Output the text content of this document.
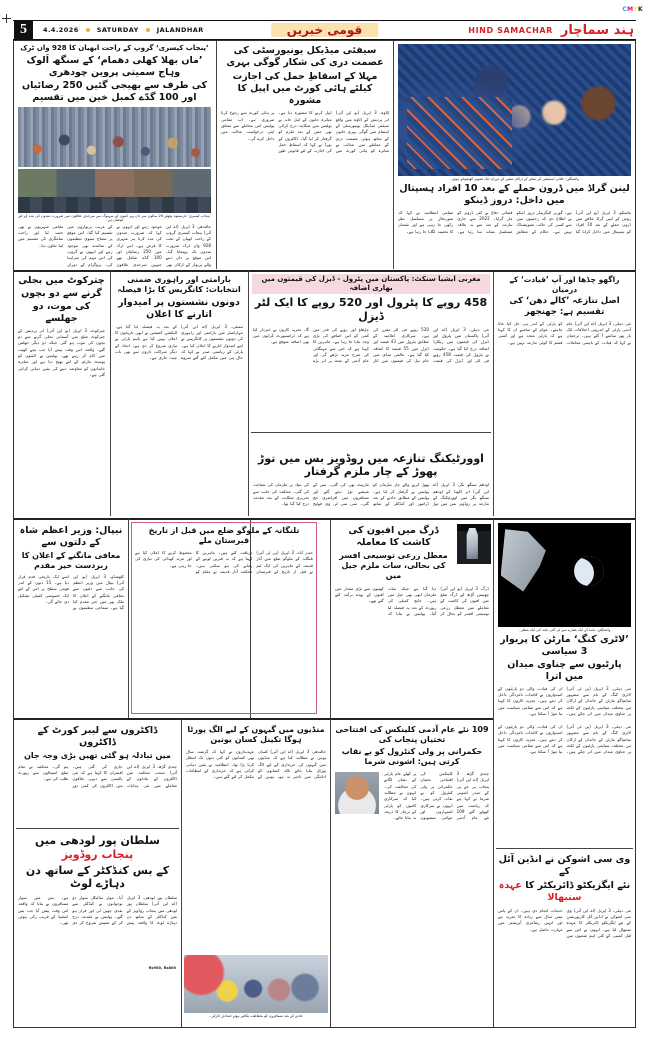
CMYK
5	4.4.2026	SATURDAY	JALANDHAR	قومی خبریں	HIND SAMACHAR ہند سماچار
’پنجاب کیسری‘ گروپ کے راحت ابھیان کا 928 واں ٹرک
’ماں بھلا کھلی دھمام‘ کے سنگھ اَلوک وہاج سمیتی پروین چودھری
کی طرف سے بھیجی گئیں 250 رضائیاں اور 100 گدّے کمبل خین میں تقسیم
’پنجاب کیسری‘ نازسموہ پچھلے 26 سالوں سے دان ویر کنبوں کے سہیوگ سے سرحدی علاقوں میں ضرورت مندوں کی مدد کے لئے کوشاں ہے۔
جالندھر، 3 اپریل (اے این آئی) پنجاب کیسری گروپ کے راحت ابھیان کے تحت 928 واں ٹرک ضرورت مندوں تک پہنچایا گیا۔ اس موقع پر دان دینے والے پریوار کے ارکان بھی موجود رہے اور انہوں نے کہا کہ ضرورت مندوں کی مدد کرنا ہر شہری کا فرض ہے۔ اس ٹرک میں 250 رضائیاں اور 100 گدّے شامل تھے جنہیں سرحدی علاقوں کے غریب پریواروں میں تقسیم کیا گیا۔ اس موقع پر سماج سیوی تنظیموں کے نمائندے بھی موجود رہے اور انہوں نے گروپ کی اس مہم کی سراہنا کی۔ پروگرام کے دوران مقامی شہریوں نے بھی حصہ لیا اور راحت سامگری کی تقسیم میں اپنا تعاون دیا۔
سیفئی میڈیکل یونیورسٹی کی عصمت دری کی شکار گوگی بہری
مہلا کے اسقاطِ حمل کی اجازت کیلئے ہائی کورٹ میں اپیل کا مشورہ
اِٹاوہ، 3 اپریل (یو این آئی) اتر پردیش کے اِٹاوہ میں واقع سیفئی میڈیکل یونیورسٹی کے اہتمام میں گوگی بہری خاتون کے ساتھ ہوئی عصمت دری کے معاملے میں عدالت نے متاثرہ کو ہائی کورٹ میں اپیل کرنے کا مشورہ دیا ہے۔ متاثرہ خاتون کے اہل خانہ نے پولیس میں شکایت درج کرائی تھی جس کے بعد ملزم کو گرفتار کر لیا گیا۔ ڈاکٹروں کے بورڈ نے کہا کہ اسقاطِ حمل کی اجازت کے لئے قانونی طور پر ہائی کورٹ سے رجوع کرنا ضروری ہے۔ اب مقامی پولیس اس معاملے سے متعلق اپنی درخواست عدالت میں داخل کرے گی۔
واشنگٹن: خلائی اسٹیشن کے عملے کے ارکان مشن کے دوران ایک تصویر کھنچواتے ہوئے۔
لینن گراڈ میں ڈرون حملے کے بعد 10 افراد ہسپتال میں داخل: دروز ڈینکو
ماسکو، 3 اپریل (یو این آئی) روس کے لینن گراڈ علاقے میں ڈرون حملے کے بعد 10 افراد کو ہسپتال میں داخل کرایا گیا ہے۔ گورنر الیگزینڈر دروز ڈینکو نے اطلاع دی کہ زخمیوں میں سے کسی کی حالت تشویشناک نہیں ہے۔ حکام کے مطابق فضائی دفاع نے کئی ڈرونز کو مار گرایا۔ 2022 سے جاری تنازعہ کے بعد سے یہ علاقہ مسلسل نشانہ بنتا رہا ہے۔ مقامی انتظامیہ نے کہا کہ صورتحال پر مسلسل نظر رکھی جا رہی ہے اور نقصان کا تخمینہ لگایا جا رہا ہے۔
چترکوٹ میں بجلی
گرنے سے دو بچوں
کی موت، دو جھلسے
چترکوٹ، 3 اپریل (یو این آئی) اتر پردیش کے چترکوٹ ضلع میں آسمانی بجلی گرنے سے دو بچوں کی موت ہو گئی جبکہ دو دیگر جھلس گئے۔ واقعہ اس وقت پیش آیا جب بچے کھیت میں کام کر رہے تھے۔ پولیس نے لاشوں کو پوسٹ مارٹم کے لئے بھیج دیا ہے اور متاثرہ خاندانوں کو معاوضہ دینے کی یقین دہانی کرائی گئی ہے۔
بارامتی اور راہوری ضمنی انتخابات: کانگریس کا بڑا فیصلہ
دونوں نشستوں پر امیدوار اتارنے کا اعلان
ممبئی، 3 اپریل (اے این آئی) مہاراشٹر میں بارامتی اور راہوری کی دونوں نشستوں پر کانگریس نے اپنے امیدوار اتارنے کا اعلان کیا ہے۔ پارٹی کے ریاستی صدر نے کہا کہ حال ہی میں مکمل کئے گئے سروے کے بعد یہ فیصلہ لیا گیا ہے۔ الیکشن کمیشن نے ابھی تاریخوں کا اعلان نہیں کیا ہے تاہم پارٹی نے تیاری شروع کر دی ہے۔ اتحاد کے دیگر شراکت داروں سے بھی بات چیت جاری ہے۔
مغربی ایشیا سنکٹ: پاکستان میں پٹرول - ڈیزل کی قیمتوں میں بھاری اضافہ
458 روپے کا پٹرول اور 520 روپے کا ایک لٹر ڈیزل
نئی دہلی، 3 اپریل (اے این آئی) پاکستان میں پٹرول اور ڈیزل کی قیمتوں میں ریکارڈ اضافہ درج کیا گیا ہے۔ حکومت نے پٹرول کی قیمت 458 روپے فی لٹر اور ڈیزل کی قیمت 520 روپے فی لٹر مقرر کی ہے۔ سرکاری اعلامیہ کے مطابق پٹرول میں 43 فیصد اور ڈیزل میں 55 فیصد کا اضافہ کیا گیا ہے۔ عالمی منڈی میں خام تیل کی قیمتوں میں اتار چڑھاؤ اور روپے کی قدر میں کمی کو اس اضافے کی بڑی وجہ بتایا جا رہا ہے۔ ماہرین کا کہنا ہے کہ اس سے مہنگائی کی شرح مزید بڑھے گی اور عام آدمی کے بجٹ پر اثر پڑے گا۔ تجزیہ کاروں نے خبردار کیا ہے کہ ٹرانسپورٹ کرایوں میں بھی اضافہ متوقع ہے۔
اوورٹیکنگ تنازعہ میں روڈویز بس میں توڑ پھوڑ کے چار ملزم گرفتار
اودھم سنگھ نگر، 3 اپریل (اے این آئی) اتر اکھنڈ کے اودھم سنگھ نگر میں اوورٹیکنگ کے تنازعہ پر روڈویز بس میں توڑ پھوڑ کرنے والے چار ملزمان کو پولیس نے گرفتار کر لیا ہے۔ پولیس کے مطابق حادثے کے بعد ڈرائیور اور کنڈکٹر کے ساتھ مارپیٹ بھی کی گئی۔ بس کے شیشے توڑ دیئے گئے اور مسافروں میں افراتفری مچ گئی۔ سی سی ٹی وی فوٹیج کی بنیاد پر ملزمان کی شناخت کی گئی۔ محکمہ کی جانب سے تحریری شکایت کے بعد مقدمہ درج کیا گیا تھا۔
راگھو چڈھا اور آپ ’قیادت‘ کے درمیان
اصل تنازعہ ’کالے دھن‘ کی تقسیم ہے: جھنجھر
نئی دہلی، 3 اپریل (اے این آئی) عام آدمی پارٹی کے اندرونی اختلافات ایک بار پھر سامنے آ گئے ہیں۔ ترجمان نے کہا کہ قیادت کے باہمی معاملات کو پارٹی کے اندر ہی حل کیا جانا چاہئے۔ عوام کے سامنے ان کا کہنا ہے کہ پارٹی متحد ہے اور کسی قسم کا کوئی تنازعہ نہیں ہے۔
نیپال: وزیر اعظم شاہ کے دلتوں سے
معافی مانگنے کے اعلان کا زبردست خیر مقدم
کٹھمنڈو، 3 اپریل (یو این آئی) نیپال میں وزیر اعظم کی جانب سے دلتوں سے معافی مانگنے کے اعلان کا ملک بھر میں خیر مقدم کیا گیا ہے۔ سماجی تنظیموں نے اسے ایک تاریخی قدم قرار دیا ہے۔ 15 دنوں کے اندر قومی سطح پر اس کے لئے ایک خصوصی کمیٹی تشکیل دی جائے گی۔
تلنگانہ کے ملوگو ضلع میں قبل از تاریخ قبرستان ملے
حیدر آباد، 2 اپریل (پی ٹی آئی) تلنگانہ کے ملوگو ضلع میں آثار قدیمہ کے ماہرین کی ایک ٹیم نے قبل از تاریخ کے قبرستان دریافت کئے ہیں۔ ماہرین کا کہنا ہے کہ یہ قبریں لوہے کے زمانے کی ہو سکتی ہیں۔ محکمہ آثار قدیمہ نے مقام کو محفوظ کرنے کا اعلان کیا ہے اور مزید کھدائی کی تیاری کی جا رہی ہے۔
ڈرگ میں افیون کی کاشت کا معاملہ
معطل زرعی توسیعی افسر کی بحالی، سات ملزم جیل میں
ڈرگ، 3 اپریل (یو این آئی) چھتیس گڑھ کے ڈرگ ضلع میں افیون کی کاشت کے معاملے میں معطل زرعی توسیعی افسر کو بحال کر دیا گیا ہے جبکہ سات ملزمان ابھی بھی جیل میں ہیں۔ جانچ کمیٹی کی رپورٹ کے بعد یہ فیصلہ لیا گیا۔ پولیس نے بتایا کہ کھیتوں سے بڑی مقدار میں افیون کے پودے برآمد کئے گئے تھے۔
واشنگٹن: ناسا کے ایک طیارے سے لی گئی چاند کی ایک منظر۔
’لاٹری کنگ‘ مارٹن کا پریوار 3 سیاسی
پارٹیوں سے چناوی میدان میں اترا
نئی دہلی، 3 اپریل (پی ٹی آئی) لاٹری کنگ کے نام سے مشہور سانتیاگو مارٹن کے خاندان کے ارکان تین مختلف سیاسی پارٹیوں کے ٹکٹ پر چناوی میدان میں اتر چکے ہیں۔ ان کی قیادت والی دو پارٹیوں کے امیدواروں نے کاغذات نامزدگی داخل کر دیئے ہیں۔ تجزیہ کاروں کا کہنا ہے کہ اس سے مقامی سیاست میں نیا موڑ آ سکتا ہے۔
ڈاکٹروں سے لیبر کورٹ کے ڈاکٹروں
میں تبادلہ ہو گئی تھیں بڑی وجہ جان
چندی گڑھ، 3 اپریل (اے این آئی) صحت محکمہ میں ڈاکٹروں کے تبادلوں کے معاملے میں نئی ہدایات جاری کی گئی ہیں۔ افسران کا کہنا ہے کہ نئی پالیسی سے دیہی علاقوں میں ڈاکٹروں کی کمی دور ہو گی۔ محکمہ نے تمام ضلع اسپتالوں سے رپورٹ طلب کی ہے۔
سلطان پور لودھی میں پنجاب روڈویز
کے بس کنڈکٹر کے ساتھ دن دہاڑے لوٹ
سلطان پور لودھی، 3 اپریل (اے این آئی) سلطان پور لودھی میں پنجاب روڈویز کے بس کنڈکٹر کے ساتھ دن دہاڑے لوٹ کا واقعہ پیش آیا۔ موٹر سائیکل سوار دو نوجوانوں نے کنڈکٹر سے نقدی چھین لی اور فرار ہو گئے۔ پولیس نے مقدمہ درج کر کے تفتیش شروع کر دی ہے۔ بس میں سوار مسافروں نے بتایا کہ واقعہ اس وقت پیش آیا جب بس اسٹینڈ کے قریب رکی ہوئی تھی۔
Rs900, Rs800
منڈیوں میں گیہوں کے لیے الگ پورٹا ہوگا تکینل کسان یونین
جالندھر، 3 اپریل (اے این آئی) کسان یونین نے مطالبہ کیا ہے کہ منڈیوں میں گیہوں کی خریداری کے لیے الگ پورٹل بنایا جائے تاکہ کسانوں کو ادائیگی میں تاخیر نہ ہو۔ یونین کے عہدیداروں نے کہا کہ گزشتہ سال بھی کسانوں کو کئی دنوں تک انتظار کرنا پڑا تھا۔ انتظامیہ نے یقین دہانی کرائی ہے کہ خریداری کے انتظامات مکمل کر لئے گئے ہیں۔
حادثے کے بعد مسافروں کو بحفاظت نکالتے ہوئے امدادی کارکن۔
109 نئے عام آدمی کلینکس کی افتتاحی تختیاں پنجاب کی
حکمرانی پر ولی کنٹرول کو بے نقاب کرتی ہیں: اشونی شرما
چندی گڑھ، 3 اپریل (اے این آئی) پنجاب بی جے پی کے صدر اشونی شرما نے کہا ہے کہ ریاست میں کھولے گئے 109 نئے عام آدمی کلینکس کی افتتاحی تختیاں حکمرانی پر ولی کنٹرول کو بے نقاب کرتی ہیں۔ انہوں نے سرکاری اشتہاروں اور عوامی منصوبوں پر کھلے عام پارٹی کے نشان لگانے کی مخالفت کی۔ انہوں نے مطالبہ کیا کہ سرکاری کاموں کو پارٹی کے پرچار کا ذریعہ نہ بنایا جائے۔
نئی دہلی، 3 اپریل (پی ٹی آئی) لاٹری کنگ کے نام سے مشہور سانتیاگو مارٹن کے خاندان کے ارکان تین مختلف سیاسی پارٹیوں کے ٹکٹ پر چناوی میدان میں اتر چکے ہیں۔ ان کی قیادت والی دو پارٹیوں کے امیدواروں نے کاغذات نامزدگی داخل کر دیئے ہیں۔ تجزیہ کاروں کا کہنا ہے کہ اس سے مقامی سیاست میں نیا موڑ آ سکتا ہے۔
وی سی اشوکن نے انڈین آئل کے
نئے ایگزیکٹو ڈائریکٹر کا عہدہ سنبھالا
نئی دہلی، 3 اپریل (اے این آئی) وی سی اشوکن نے انڈین آئل کارپوریشن کے نئے ایگزیکٹو ڈائریکٹر کا عہدہ سنبھال لیا ہے۔ انہوں نے اس سے قبل کمپنی کے کئی اہم شعبوں میں خدمات انجام دی ہیں۔ ان کے پاس تیس سال سے زیادہ کا تجربہ ہے اور انہیں ریفائنری آپریشنز میں مہارت حاصل ہے۔
